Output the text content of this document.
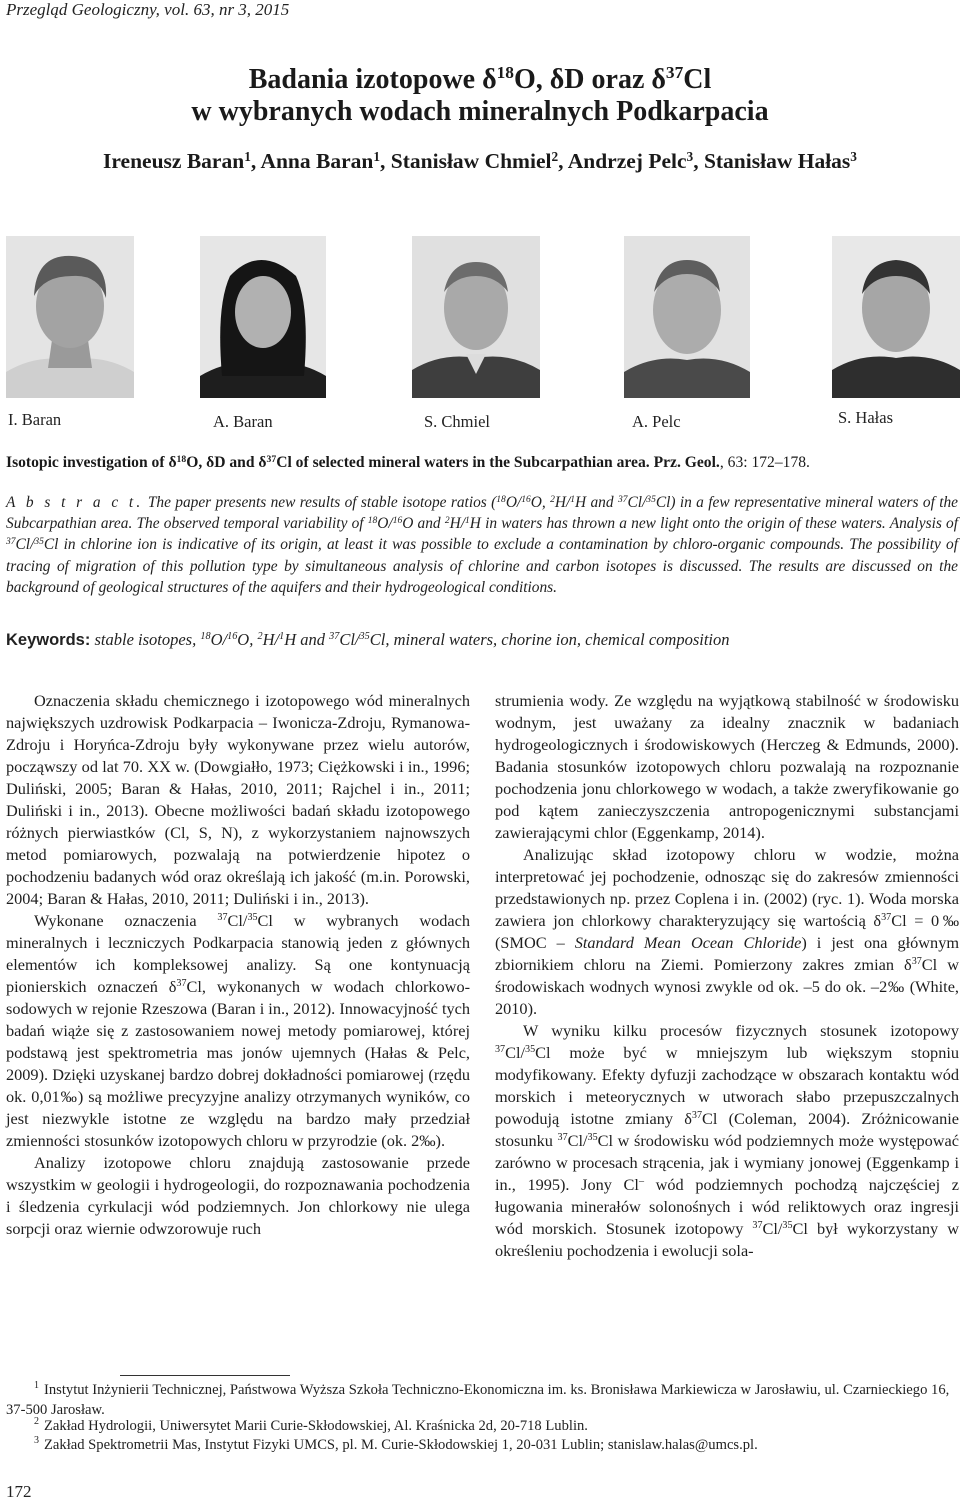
Przegląd Geologiczny, vol. 63, nr 3, 2015
Badania izotopowe $\delta^{18}O$, δD oraz $\delta^{37}Cl$
w wybranych wodach mineralnych Podkarpacia
Ireneusz Baran$^1$, Anna Baran$^1$, Stanisław Chmiel$^2$, Andrzej Pelc$^3$, Stanisław Hałas$^3$
I. Baran	A. Baran	S. Chmiel	A. Pelc	S. Hałas
Isotopic investigation of $\delta^{18}O$, δD and $\delta^{37}Cl$ of selected mineral waters in the Subcarpathian area. Prz. Geol., 63: 172–178.
A b s t r a c t. The paper presents new results of stable isotope ratios ($^{18}$O/$^{16}$O, $^2$H/$^1$H and $^{37}$Cl/$^{35}$Cl) in a few representative mineral waters of the Subcarpathian area. The observed temporal variability of $^{18}$O/$^{16}$O and $^2$H/$^1$H in waters has thrown a new light onto the origin of these waters. Analysis of $^{37}$Cl/$^{35}$Cl in chlorine ion is indicative of its origin, at least it was possible to exclude a contamination by chloro-organic compounds. The possibility of tracing of migration of this pollution type by simultaneous analysis of chlorine and carbon isotopes is discussed. The results are discussed on the background of geological structures of the aquifers and their hydrogeological conditions.
Keywords: stable isotopes, $^{18}$O/$^{16}$O, $^2$H/$^1$H and $^{37}$Cl/$^{35}$Cl, mineral waters, chorine ion, chemical composition

Oznaczenia składu chemicznego i izotopowego wód mineralnych największych uzdrowisk Podkarpacia – Iwonicza-Zdroju, Rymanowa-Zdroju i Horyńca-Zdroju były wykonywane przez wielu autorów, począwszy od lat 70. XX w. (Dowgiałło, 1973; Ciężkowski i in., 1996; Duliński, 2005; Baran & Hałas, 2010, 2011; Rajchel i in., 2011; Duliński i in., 2013). Obecne możliwości badań składu izotopowego różnych pierwiastków (Cl, S, N), z wykorzystaniem najnowszych metod pomiarowych, pozwalają na potwierdzenie hipotez o pochodzeniu badanych wód oraz określają ich jakość (m.in. Porowski, 2004; Baran & Hałas, 2010, 2011; Duliński i in., 2013).

Wykonane oznaczenia $^{37}$Cl/$^{35}$Cl w wybranych wodach mineralnych i leczniczych Podkarpacia stanowią jeden z głównych elementów ich kompleksowej analizy. Są one kontynuacją pionierskich oznaczeń $\delta^{37}Cl$, wykonanych w wodach chlorkowo-sodowych w rejonie Rzeszowa (Baran i in., 2012). Innowacyjność tych badań wiąże się z zastosowaniem nowej metody pomiarowej, której podstawą jest spektrometria mas jonów ujemnych (Hałas & Pelc, 2009). Dzięki uzyskanej bardzo dobrej dokładności pomiarowej (rzędu ok. 0,01‰) są możliwe precyzyjne analizy otrzymanych wyników, co jest niezwykle istotne ze względu na bardzo mały przedział zmienności stosunków izotopowych chloru w przyrodzie (ok. 2‰).

Analizy izotopowe chloru znajdują zastosowanie przede wszystkim w geologii i hydrogeologii, do rozpoznawania pochodzenia i śledzenia cyrkulacji wód podziemnych. Jon chlorkowy nie ulega sorpcji oraz wiernie odwzorowuje ruch

strumienia wody. Ze względu na wyjątkową stabilność w środowisku wodnym, jest uważany za idealny znacznik w badaniach hydrogeologicznych i środowiskowych (Herczeg & Edmunds, 2000). Badania stosunków izotopowych chloru pozwalają na rozpoznanie pochodzenia jonu chlorkowego w wodach, a także zweryfikowanie go pod kątem zanieczyszczenia antropogenicznymi substancjami zawierającymi chlor (Eggenkamp, 2014).

Analizując skład izotopowy chloru w wodzie, można interpretować jej pochodzenie, odnosząc się do zakresów zmienności przedstawionych np. przez Coplena i in. (2002) (ryc. 1). Woda morska zawiera jon chlorkowy charakteryzujący się wartością $\delta^{37}Cl$ = 0‰ (SMOC – Standard Mean Ocean Chloride) i jest ona głównym zbiornikiem chloru na Ziemi. Pomierzony zakres zmian $\delta^{37}Cl$ w środowiskach wodnych wynosi zwykle od ok. –5 do ok. –2‰ (White, 2010).

W wyniku kilku procesów fizycznych stosunek izotopowy $^{37}$Cl/$^{35}$Cl może być w mniejszym lub większym stopniu modyfikowany. Efekty dyfuzji zachodzące w obszarach kontaktu wód morskich i meteorycznych w utworach słabo przepuszczalnych powodują istotne zmiany $\delta^{37}Cl$ (Coleman, 2004). Zróżnicowanie stosunku $^{37}$Cl/$^{35}$Cl w środowisku wód podziemnych może występować zarówno w procesach strącenia, jak i wymiany jonowej (Eggenkamp i in., 1995). Jony Cl– wód podziemnych pochodzą najczęściej z ługowania minerałów solonośnych i wód reliktowych oraz ingresji wód morskich. Stosunek izotopowy $^{37}$Cl/$^{35}$Cl był wykorzystany w określeniu pochodzenia i ewolucji sola-

$^1$ Instytut Inżynierii Technicznej, Państwowa Wyższa Szkoła Techniczno-Ekonomiczna im. ks. Bronisława Markiewicza w Jarosławiu, ul. Czarnieckiego 16, 37-500 Jarosław.
$^2$ Zakład Hydrologii, Uniwersytet Marii Curie-Skłodowskiej, Al. Kraśnicka 2d, 20-718 Lublin.
$^3$ Zakład Spektrometrii Mas, Instytut Fizyki UMCS, pl. M. Curie-Skłodowskiej 1, 20-031 Lublin; stanislaw.halas@umcs.pl.
172
